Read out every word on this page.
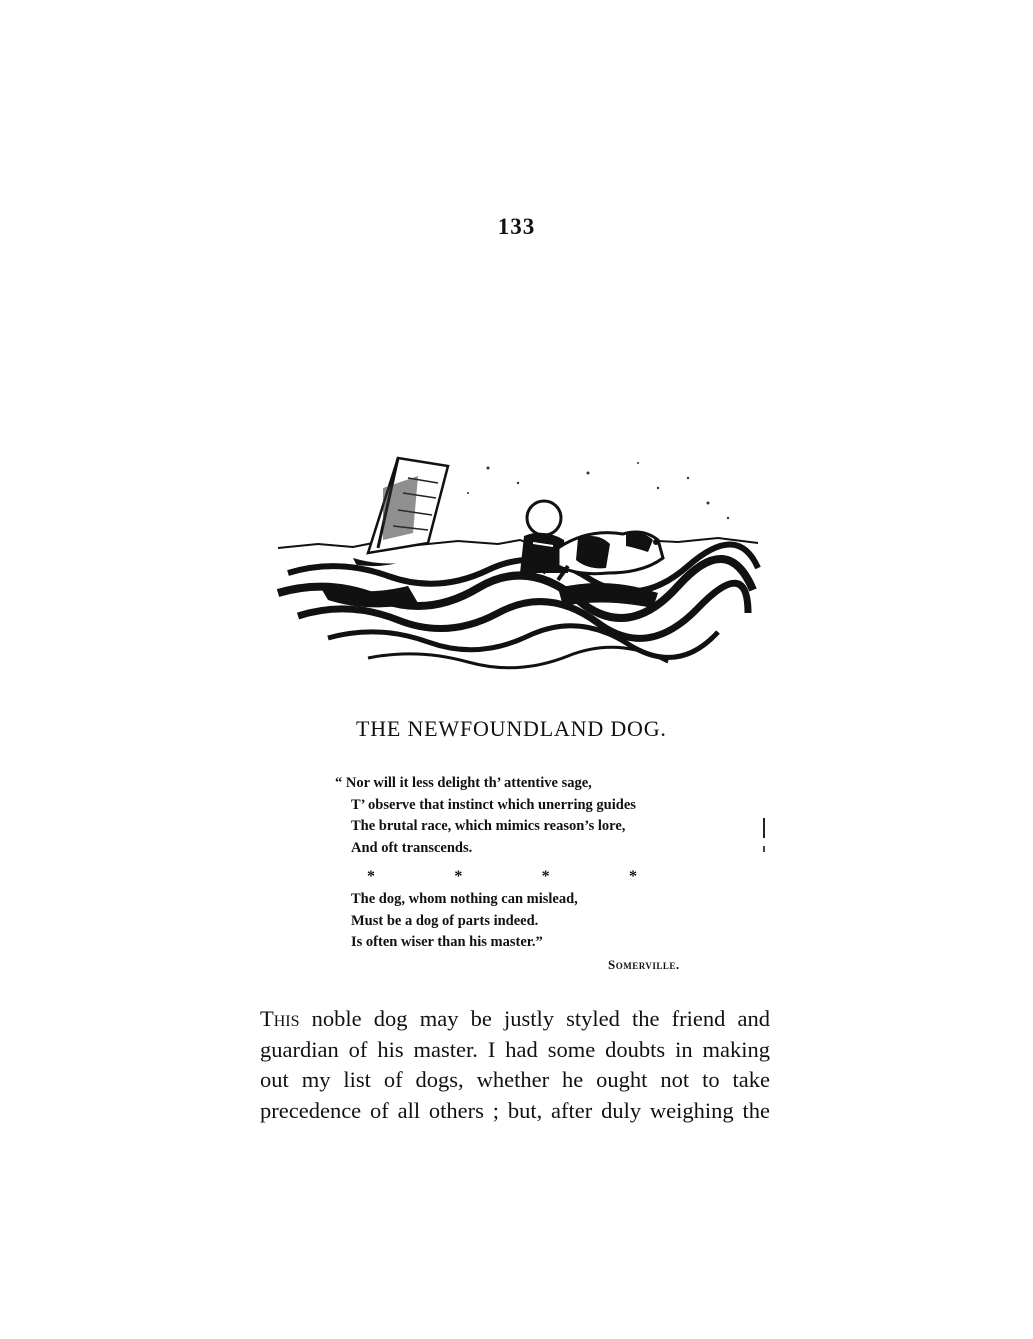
133
THE NEWFOUNDLAND DOG.
“ Nor will it less delight th’ attentive sage,
T’ observe that instinct which unerring guides
The brutal race, which mimics reason’s lore,
And oft transcends.
*	*	*	*
The dog, whom nothing can mislead,
Must be a dog of parts indeed.
Is often wiser than his master.”
Somerville.
This noble dog may be justly styled the friend and
guardian of his master. I had some doubts in making
out my list of dogs, whether he ought not to take
precedence of all others ; but, after duly weighing the
